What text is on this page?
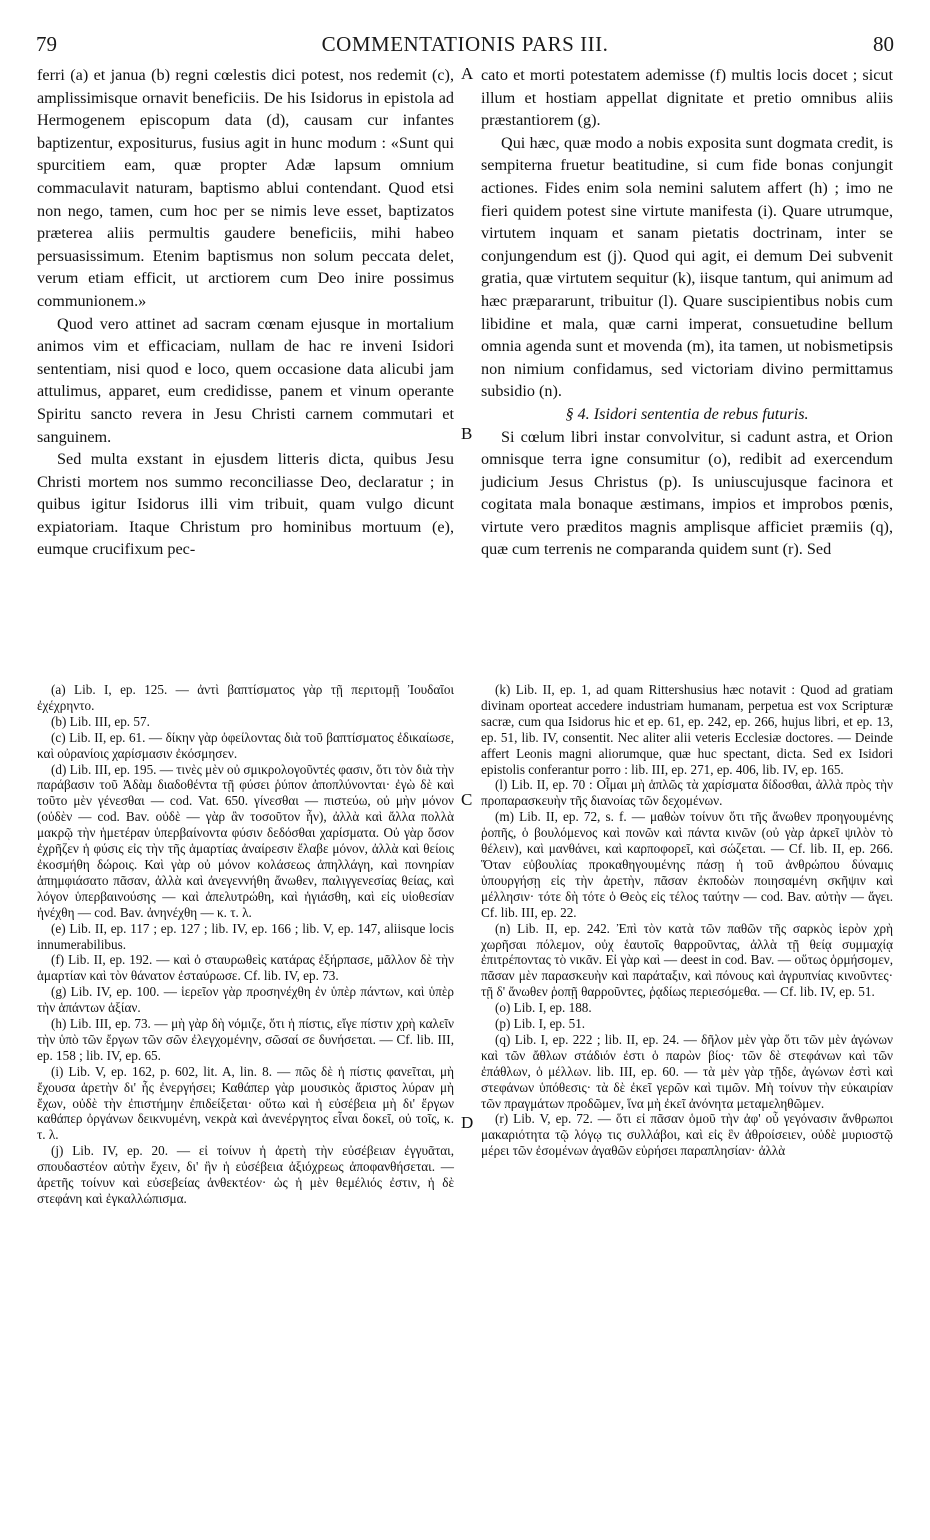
79	COMMENTATIONIS PARS III.	80

ferri (a) et janua (b) regni cœlestis dici potest, nos redemit (c), amplissimisque ornavit beneficiis. De his Isidorus in epistola ad Hermogenem episcopum data (d), causam cur infantes baptizentur, expositurus, fusius agit in hunc modum : «Sunt qui spurcitiem eam, quæ propter Adæ lapsum omnium commaculavit naturam, baptismo ablui contendant. Quod etsi non nego, tamen, cum hoc per se nimis leve esset, baptizatos præterea aliis permultis gaudere beneficiis, mihi habeo persuasissimum. Etenim baptismus non solum peccata delet, verum etiam efficit, ut arctiorem cum Deo inire possimus communionem.»

Quod vero attinet ad sacram cœnam ejusque in mortalium animos vim et efficaciam, nullam de hac re inveni Isidori sententiam, nisi quod e loco, quem occasione data alicubi jam attulimus, apparet, eum credidisse, panem et vinum operante Spiritu sancto revera in Jesu Christi carnem commutari et sanguinem.

Sed multa exstant in ejusdem litteris dicta, quibus Jesu Christi mortem nos summo reconciliasse Deo, declaratur ; in quibus igitur Isidorus illi vim tribuit, quam vulgo dicunt expiatoriam. Itaque Christum pro hominibus mortuum (e), eumque crucifixum pec-

cato et morti potestatem ademisse (f) multis locis docet ; sicut illum et hostiam appellat dignitate et pretio omnibus aliis præstantiorem (g).

Qui hæc, quæ modo a nobis exposita sunt dogmata credit, is sempiterna fruetur beatitudine, si cum fide bonas conjungit actiones. Fides enim sola nemini salutem affert (h) ; imo ne fieri quidem potest sine virtute manifesta (i). Quare utrumque, virtutem inquam et sanam pietatis doctrinam, inter se conjungendum est (j). Quod qui agit, ei demum Dei subvenit gratia, quæ virtutem sequitur (k), iisque tantum, qui animum ad hæc præpararunt, tribuitur (l). Quare suscipientibus nobis cum libidine et mala, quæ carni imperat, consuetudine bellum omnia agenda sunt et movenda (m), ita tamen, ut nobismetipsis non nimium confidamus, sed victoriam divino permittamus subsidio (n).

§ 4. Isidori sententia de rebus futuris.

Si cœlum libri instar convolvitur, si cadunt astra, et Orion omnisque terra igne consumitur (o), redibit ad exercendum judicium Jesus Christus (p). Is uniuscujusque facinora et cogitata mala bonaque æstimans, impios et improbos pœnis, virtute vero præditos magnis amplisque afficiet præmiis (q), quæ cum terrenis ne comparanda quidem sunt (r). Sed

A
B
C
D

(a) Lib. I, ep. 125. — ἀντὶ βαπτίσματος γὰρ τῇ περιτομῇ Ἰουδαῖοι ἐχέχρηντο.

(b) Lib. III, ep. 57.

(c) Lib. II, ep. 61. — δίκην γὰρ ὀφείλοντας διὰ τοῦ βαπτίσματος ἐδικαίωσε, καὶ οὐρανίοις χαρίσμασιν ἐκόσμησεν.

(d) Lib. III, ep. 195. — τινὲς μὲν οὐ σμικρολογοῦντές φασιν, ὅτι τὸν διὰ τὴν παράβασιν τοῦ Ἀδὰμ διαδοθέντα τῇ φύσει ῥύπον ἀποπλύνονται· ἐγὼ δὲ καὶ τοῦτο μὲν γένεσθαι — cod. Vat. 650. γίνεσθαι — πιστεύω, οὐ μὴν μόνον (οὐδὲν — cod. Bav. οὐδὲ — γὰρ ἂν τοσοῦτον ἦν), ἀλλὰ καὶ ἄλλα πολλὰ μακρῷ τὴν ἡμετέραν ὑπερβαίνοντα φύσιν δεδόσθαι χαρίσματα. Οὐ γὰρ ὅσον ἐχρῆζεν ἡ φύσις εἰς τὴν τῆς ἁμαρτίας ἀναίρεσιν ἔλαβε μόνον, ἀλλὰ καὶ θείοις ἐκοσμήθη δώροις. Καὶ γὰρ οὐ μόνον κολάσεως ἀπηλλάγη, καὶ πονηρίαν ἀπημφιάσατο πᾶσαν, ἀλλὰ καὶ ἀνεγεννήθη ἄνωθεν, παλιγγενεσίας θείας, καὶ λόγον ὑπερβαινούσης — καὶ ἀπελυτρώθη, καὶ ἡγιάσθη, καὶ εἰς υἱοθεσίαν ἠνέχθη — cod. Bav. ἀνηνέχθη — κ. τ. λ.

(e) Lib. II, ep. 117 ; ep. 127 ; lib. IV, ep. 166 ; lib. V, ep. 147, aliisque locis innumerabilibus.

(f) Lib. II, ep. 192. — καὶ ὁ σταυρωθεὶς κατάρας ἐξήρπασε, μᾶλλον δὲ τὴν ἁμαρτίαν καὶ τὸν θάνατον ἐσταύρωσε. Cf. lib. IV, ep. 73.

(g) Lib. IV, ep. 100. — ἱερεῖον γὰρ προσηνέχθη ἐν ὑπὲρ πάντων, καὶ ὑπὲρ τὴν ἁπάντων ἀξίαν.

(h) Lib. III, ep. 73. — μὴ γὰρ δὴ νόμιζε, ὅτι ἡ πίστις, εἴγε πίστιν χρὴ καλεῖν τὴν ὑπὸ τῶν ἔργων τῶν σῶν ἐλεγχομένην, σῶσαί σε δυνήσεται. — Cf. lib. III, ep. 158 ; lib. IV, ep. 65.

(i) Lib. V, ep. 162, p. 602, lit. A, lin. 8. — πῶς δὲ ἡ πίστις φανεῖται, μὴ ἔχουσα ἀρετὴν δι' ἧς ἐνεργήσει; Καθάπερ γὰρ μουσικὸς ἄριστος λύραν μὴ ἔχων, οὐδὲ τὴν ἐπιστήμην ἐπιδείξεται· οὕτω καὶ ἡ εὐσέβεια μὴ δι' ἔργων καθάπερ ὀργάνων δεικνυμένη, νεκρὰ καὶ ἀνενέργητος εἶναι δοκεῖ, οὐ τοῖς, κ. τ. λ.

(j) Lib. IV, ep. 20. — εἰ τοίνυν ἡ ἀρετὴ τὴν εὐσέβειαν ἐγγυᾶται, σπουδαστέον αὐτὴν ἔχειν, δι' ἣν ἡ εὐσέβεια ἀξιόχρεως ἀποφανθήσεται. — ἀρετῆς τοίνυν καὶ εὐσεβείας ἀνθεκτέον· ὡς ἡ μὲν θεμέλιός ἐστιν, ἡ δὲ στεφάνη καὶ ἐγκαλλώπισμα.

(k) Lib. II, ep. 1, ad quam Rittershusius hæc notavit : Quod ad gratiam divinam oporteat accedere industriam humanam, perpetua est vox Scripturæ sacræ, cum qua Isidorus hic et ep. 61, ep. 242, ep. 266, hujus libri, et ep. 13, ep. 51, lib. IV, consentit. Nec aliter alii veteris Ecclesiæ doctores. — Deinde affert Leonis magni aliorumque, quæ huc spectant, dicta. Sed ex Isidori epistolis conferantur porro : lib. III, ep. 271, ep. 406, lib. IV, ep. 165.

(l) Lib. II, ep. 70 : Οἶμαι μὴ ἁπλῶς τὰ χαρίσματα δίδοσθαι, ἀλλὰ πρὸς τὴν προπαρασκευὴν τῆς διανοίας τῶν δεχομένων.

(m) Lib. II, ep. 72, s. f. — μαθὼν τοίνυν ὅτι τῆς ἄνωθεν προηγουμένης ῥοπῆς, ὁ βουλόμενος καὶ πονῶν καὶ πάντα κινῶν (οὐ γὰρ ἀρκεῖ ψιλὸν τὸ θέλειν), καὶ μανθάνει, καὶ καρποφορεῖ, καὶ σώζεται. — Cf. lib. II, ep. 266. Ὅταν εὐβουλίας προκαθηγουμένης πάσῃ ἡ τοῦ ἀνθρώπου δύναμις ὑπουργήσῃ εἰς τὴν ἀρετὴν, πᾶσαν ἐκποδὼν ποιησαμένη σκῆψιν καὶ μέλλησιν· τότε δὴ τότε ὁ Θεὸς εἰς τέλος ταύτην — cod. Bav. αὐτὴν — ἄγει. Cf. lib. III, ep. 22.

(n) Lib. II, ep. 242. Ἐπὶ τὸν κατὰ τῶν παθῶν τῆς σαρκὸς ἱερὸν χρὴ χωρῆσαι πόλεμον, οὐχ ἑαυτοῖς θαρροῦντας, ἀλλὰ τῇ θείᾳ συμμαχίᾳ ἐπιτρέποντας τὸ νικᾶν. Εἰ γὰρ καὶ — deest in cod. Bav. — οὕτως ὁρμήσομεν, πᾶσαν μὲν παρασκευὴν καὶ παράταξιν, καὶ πόνους καὶ ἀγρυπνίας κινοῦντες· τῇ δ' ἄνωθεν ῥοπῇ θαρροῦντες, ῥᾳδίως περιεσόμεθα. — Cf. lib. IV, ep. 51.

(o) Lib. I, ep. 188.

(p) Lib. I, ep. 51.

(q) Lib. I, ep. 222 ; lib. II, ep. 24. — δῆλον μὲν γὰρ ὅτι τῶν μὲν ἀγώνων καὶ τῶν ἄθλων στάδιόν ἐστι ὁ παρὼν βίος· τῶν δὲ στεφάνων καὶ τῶν ἐπάθλων, ὁ μέλλων. lib. III, ep. 60. — τὰ μὲν γὰρ τῇδε, ἀγώνων ἐστὶ καὶ στεφάνων ὑπόθεσις· τὰ δὲ ἐκεῖ γερῶν καὶ τιμῶν. Μὴ τοίνυν τὴν εὐκαιρίαν τῶν πραγμάτων προδῶμεν, ἵνα μὴ ἐκεῖ ἀνόνητα μεταμεληθῶμεν.

(r) Lib. V, ep. 72. — ὅτι εἰ πᾶσαν ὁμοῦ τὴν ἀφ' οὗ γεγόνασιν ἄνθρωποι μακαριότητα τῷ λόγῳ τις συλλάβοι, καὶ εἰς ἓν ἀθροίσειεν, οὐδὲ μυριοστῷ μέρει τῶν ἐσομένων ἀγαθῶν εὑρήσει παραπλησίαν· ἀλλὰ
